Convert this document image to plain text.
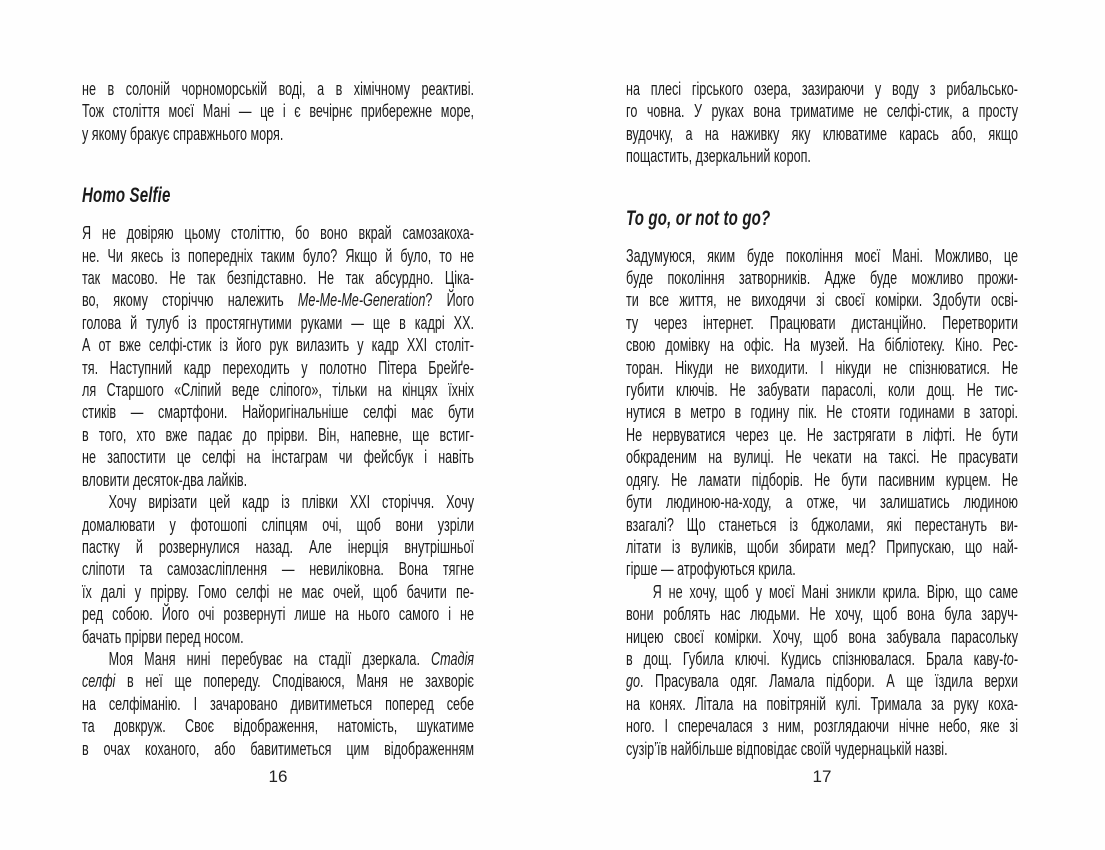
не в солоній чорноморській воді, а в хімічному реактиві.
Тож століття моєї Мані — це і є вечірнє прибережне море,
у якому бракує справжнього моря.
Homo Selfie
Я не довіряю цьому століттю, бо воно вкрай самозакоха-
не. Чи якесь із попередніх таким було? Якщо й було, то не
так масово. Не так безпідставно. Не так абсурдно. Ціка-
во, якому сторіччю належить Me-Me-Me-Generation? Його
голова й тулуб із простягнутими руками — ще в кадрі XX.
А от вже селфі-стик із його рук вилазить у кадр XXI століт-
тя. Наступний кадр переходить у полотно Пітера Брейґе-
ля Старшого «Сліпий веде сліпого», тільки на кінцях їхніх
стиків — смартфони. Найоригінальніше селфі має бути
в того, хто вже падає до прірви. Він, напевне, ще встиг-
не запостити це селфі на інстаграм чи фейсбук і навіть
вловити десяток-два лайків.
Хочу вирізати цей кадр із плівки XXI сторіччя. Хочу
домалювати у фотошопі сліпцям очі, щоб вони узріли
пастку й розвернулися назад. Але інерція внутрішньої
сліпоти та самозасліплення — невиліковна. Вона тягне
їх далі у прірву. Гомо селфі не має очей, щоб бачити пе-
ред собою. Його очі розвернуті лише на нього самого і не
бачать прірви перед носом.
Моя Маня нині перебуває на стадії дзеркала. Стадія
селфі в неї ще попереду. Сподіваюся, Маня не захворіє
на селфіманію. І зачаровано дивитиметься поперед себе
та довкруж. Своє відображення, натомість, шукатиме
в очах коханого, або бавитиметься цим відображенням
на плесі гірського озера, зазираючи у воду з рибальсько-
го човна. У руках вона триматиме не селфі-стик, а просту
вудочку, а на наживку яку клюватиме карась або, якщо
пощастить, дзеркальний короп.
To go, or not to go?
Задумуюся, яким буде покоління моєї Мані. Можливо, це
буде покоління затворників. Адже буде можливо прожи-
ти все життя, не виходячи зі своєї комірки. Здобути осві-
ту через інтернет. Працювати дистанційно. Перетворити
свою домівку на офіс. На музей. На бібліотеку. Кіно. Рес-
торан. Нікуди не виходити. І нікуди не спізнюватися. Не
губити ключів. Не забувати парасолі, коли дощ. Не тис-
нутися в метро в годину пік. Не стояти годинами в заторі.
Не нервуватися через це. Не застрягати в ліфті. Не бути
обкраденим на вулиці. Не чекати на таксі. Не прасувати
одягу. Не ламати підборів. Не бути пасивним курцем. Не
бути людиною-на-ходу, а отже, чи залишатись людиною
взагалі? Що станеться із бджолами, які перестануть ви-
літати із вуликів, щоби збирати мед? Припускаю, що най-
гірше — атрофуються крила.
Я не хочу, щоб у моєї Мані зникли крила. Вірю, що саме
вони роблять нас людьми. Не хочу, щоб вона була заруч-
ницею своєї комірки. Хочу, щоб вона забувала парасольку
в дощ. Губила ключі. Кудись спізнювалася. Брала каву-to-
go. Прасувала одяг. Ламала підбори. А ще їздила верхи
на конях. Літала на повітряній кулі. Тримала за руку коха-
ного. І сперечалася з ним, розглядаючи нічне небо, яке зі
сузір’їв найбільше відповідає своїй чудернацькій назві.
16	17
